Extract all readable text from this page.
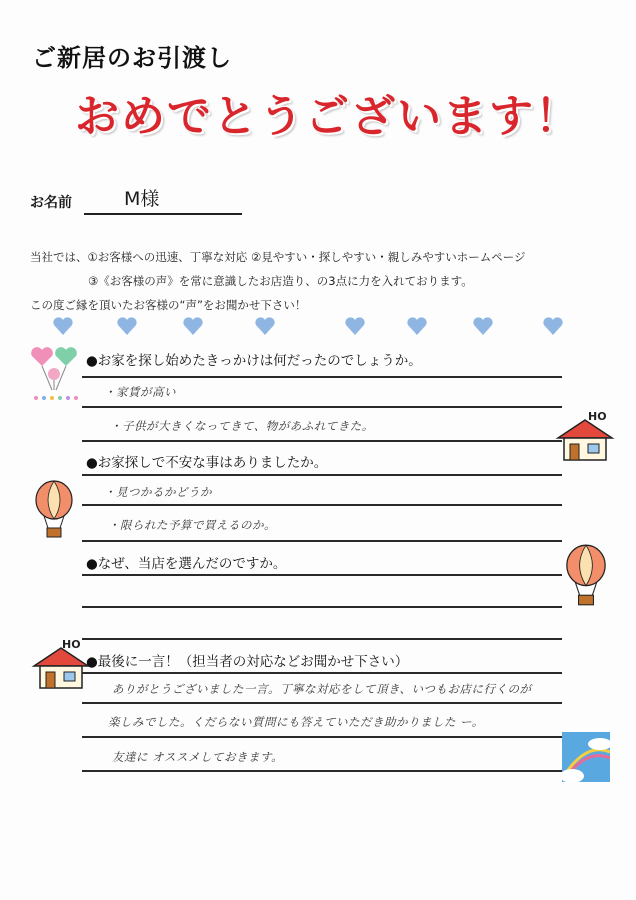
ご新居のお引渡し
おめでとうございます！
お名前	M様
当社では、①お客様への迅速、丁寧な対応 ②見やすい・探しやすい・親しみやすいホームページ
③《お客様の声》を常に意識したお店造り、の3点に力を入れております。
この度ご縁を頂いたお客様の“声”をお聞かせ下さい！
●お家を探し始めたきっかけは何だったのでしょうか。
・家賃が高い
・子供が大きくなってきて、物があふれてきた。
HO
●お家探しで不安な事はありましたか。
・見つかるかどうか
・限られた予算で買えるのか。
●なぜ、当店を選んだのですか。
HO
●最後に一言！（担当者の対応などお聞かせ下さい）
ありがとうございました一言。丁寧な対応をして頂き、いつもお店に行くのが
楽しみでした。くだらない質問にも答えていただき助かりました ー。
友達に オススメしておきます。
